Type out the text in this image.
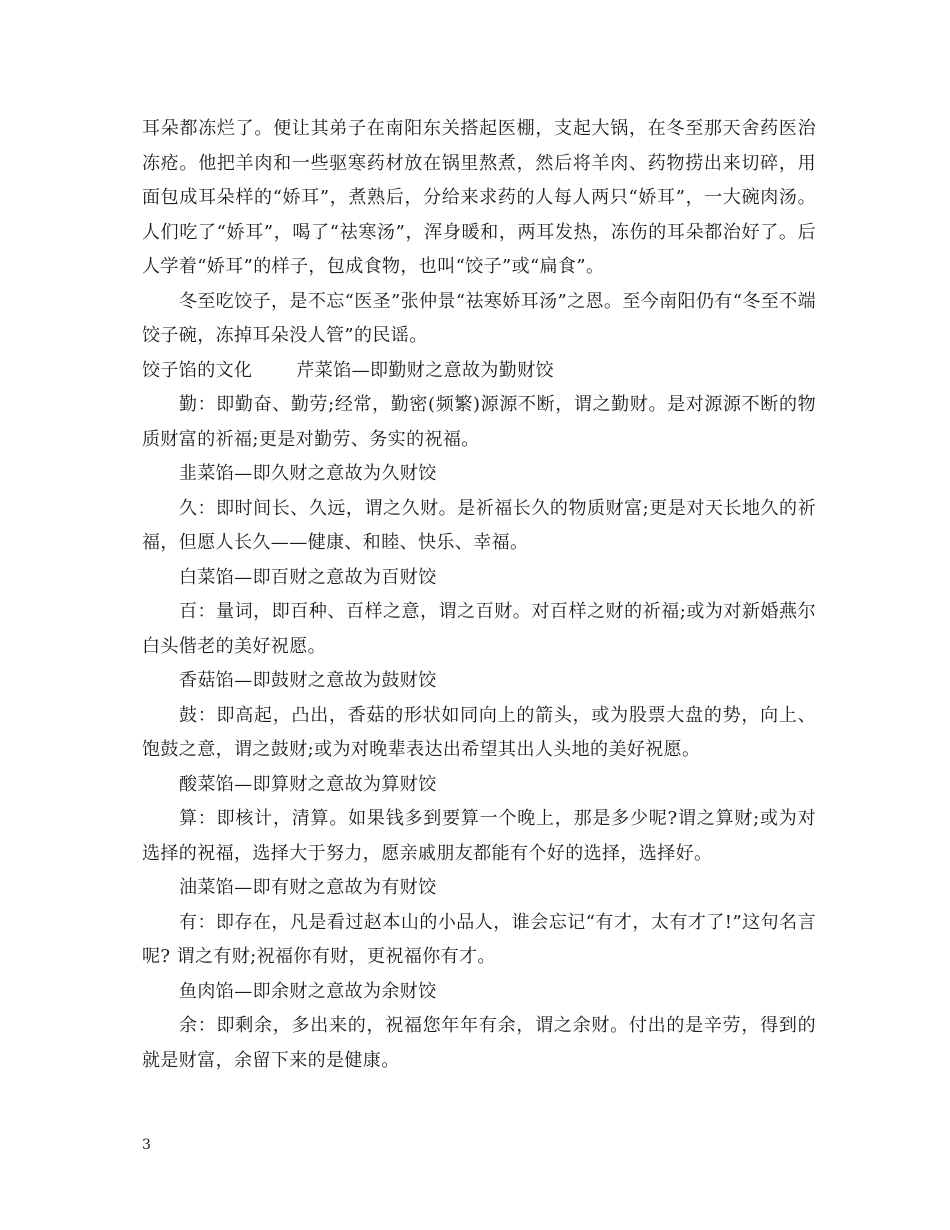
耳朵都冻烂了。便让其弟子在南阳东关搭起医棚，支起大锅，在冬至那天舍药医治冻疮。他把羊肉和一些驱寒药材放在锅里熬煮，然后将羊肉、药物捞出来切碎，用面包成耳朵样的“娇耳”，煮熟后，分给来求药的人每人两只“娇耳”，一大碗肉汤。人们吃了“娇耳”，喝了“祛寒汤”，浑身暖和，两耳发热，冻伤的耳朵都治好了。后人学着“娇耳”的样子，包成食物，也叫“饺子”或“扁食”。

冬至吃饺子，是不忘“医圣”张仲景“祛寒娇耳汤”之恩。至今南阳仍有“冬至不端饺子碗，冻掉耳朵没人管”的民谣。

饺子馅的文化 芹菜馅—即勤财之意故为勤财饺

勤：即勤奋、勤劳;经常，勤密(频繁)源源不断，谓之勤财。是对源源不断的物质财富的祈福;更是对勤劳、务实的祝福。

韭菜馅—即久财之意故为久财饺

久：即时间长、久远，谓之久财。是祈福长久的物质财富;更是对天长地久的祈福，但愿人长久——健康、和睦、快乐、幸福。

白菜馅—即百财之意故为百财饺

百：量词，即百种、百样之意，谓之百财。对百样之财的祈福;或为对新婚燕尔白头偕老的美好祝愿。

香菇馅—即鼓财之意故为鼓财饺

鼓：即高起，凸出，香菇的形状如同向上的箭头，或为股票大盘的势，向上、饱鼓之意，谓之鼓财;或为对晚辈表达出希望其出人头地的美好祝愿。

酸菜馅—即算财之意故为算财饺

算：即核计，清算。如果钱多到要算一个晚上，那是多少呢?谓之算财;或为对选择的祝福，选择大于努力，愿亲戚朋友都能有个好的选择，选择好。

油菜馅—即有财之意故为有财饺

有：即存在，凡是看过赵本山的小品人，谁会忘记“有才，太有才了!”这句名言呢? 谓之有财;祝福你有财，更祝福你有才。

鱼肉馅—即余财之意故为余财饺

余：即剩余，多出来的，祝福您年年有余，谓之余财。付出的是辛劳，得到的就是财富，余留下来的是健康。

3
